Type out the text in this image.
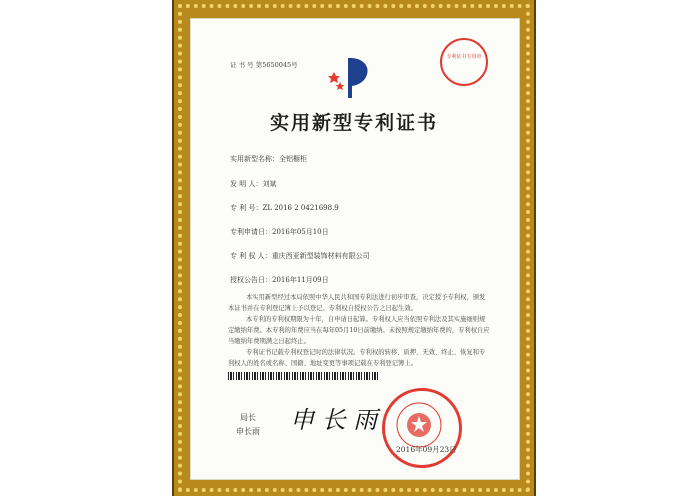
证 书 号 第5650045号
专利证书专用章
实用新型专利证书
实用新型名称：全铝橱柜
发 明 人：刘斌
专 利 号：ZL 2016 2 0421698.9
专利申请日：2016年05月10日
专 利 权 人：重庆西亚新型装饰材料有限公司
授权公告日：2016年11月09日
本实用新型经过本局依照中华人民共和国专利法进行初步审查，决定授予专利权，颁发本证书并在专利登记簿上予以登记。专利权自授权公告之日起生效。
本专利的专利权期限为十年，自申请日起算。专利权人应当依照专利法及其实施细则规定缴纳年费。本专利的年费应当在每年05月10日前缴纳。未按照规定缴纳年费的，专利权自应当缴纳年费期满之日起终止。
专利证书记载专利权登记时的法律状况。专利权的转移、质押、无效、终止、恢复和专利权人的姓名或名称、国籍、地址变更等事项记载在专利登记簿上。
局长
申长雨 申 长 雨
2016年09月23日
